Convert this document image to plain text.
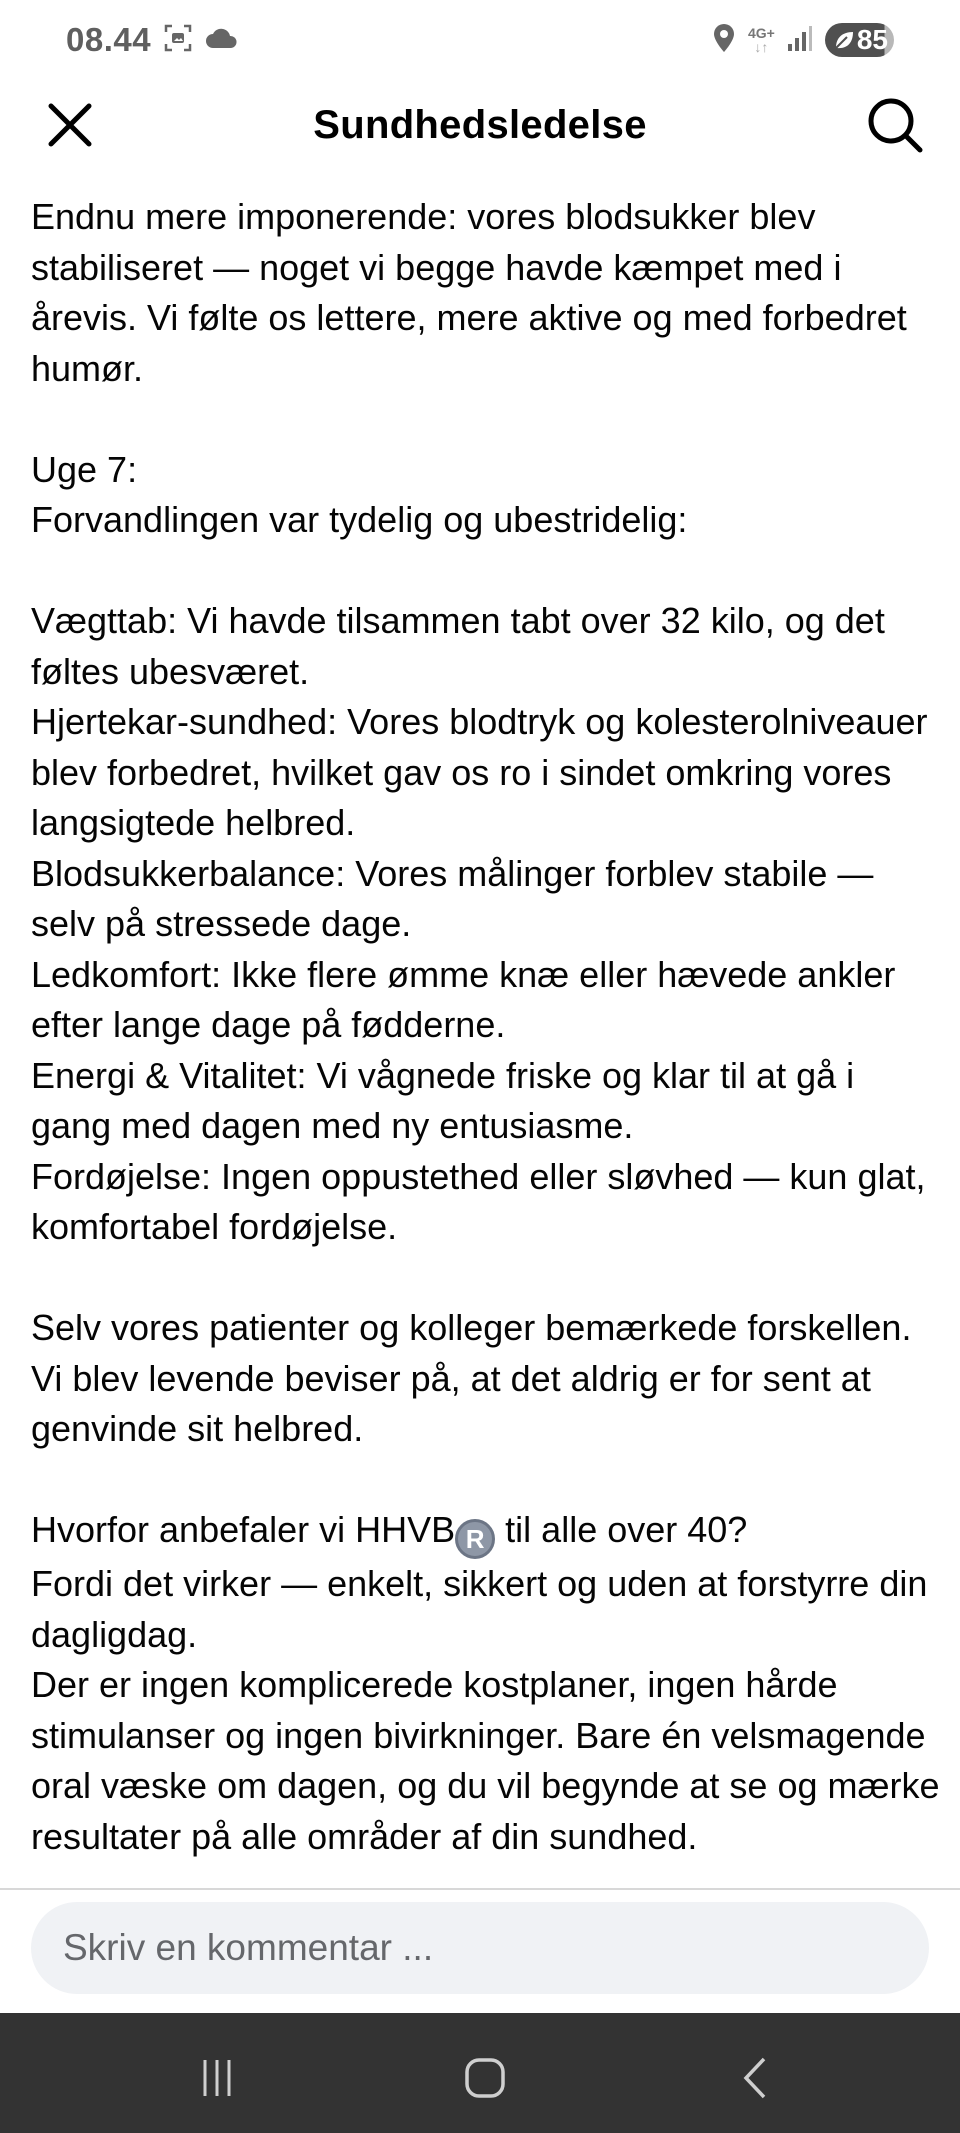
08.44	4G+
↓↑	85
Sundhedsledelse

Endnu mere imponerende: vores blodsukker blev stabiliseret — noget vi begge havde kæmpet med i årevis. Vi følte os lettere, mere aktive og med forbedret humør.

Uge 7:

Forvandlingen var tydelig og ubestridelig:

Vægttab: Vi havde tilsammen tabt over 32 kilo, og det føltes ubesværet.

Hjertekar-sundhed: Vores blodtryk og kolesterolniveauer blev forbedret, hvilket gav os ro i sindet omkring vores langsigtede helbred.

Blodsukkerbalance: Vores målinger forblev stabile — selv på stressede dage.

Ledkomfort: Ikke flere ømme knæ eller hævede ankler efter lange dage på fødderne.

Energi & Vitalitet: Vi vågnede friske og klar til at gå i gang med dagen med ny entusiasme.

Fordøjelse: Ingen oppustethed eller sløvhed — kun glat, komfortabel fordøjelse.

Selv vores patienter og kolleger bemærkede forskellen. Vi blev levende beviser på, at det aldrig er for sent at genvinde sit helbred.

Hvorfor anbefaler vi HHVB R til alle over 40?

Fordi det virker — enkelt, sikkert og uden at forstyrre din dagligdag.

Der er ingen komplicerede kostplaner, ingen hårde stimulanser og ingen bivirkninger. Bare én velsmagende oral væske om dagen, og du vil begynde at se og mærke resultater på alle områder af din sundhed.

Skriv en kommentar ...
